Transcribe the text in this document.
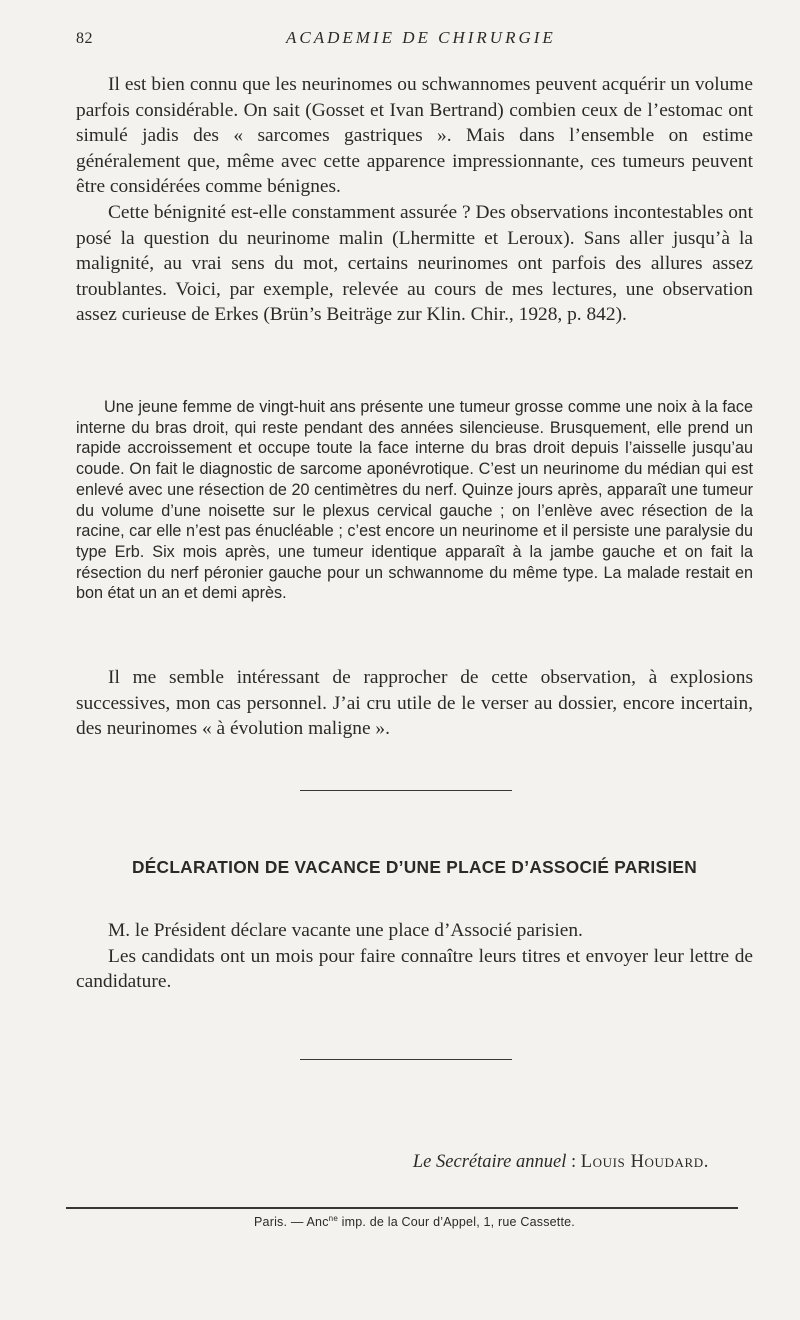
82	ACADEMIE DE CHIRURGIE

Il est bien connu que les neurinomes ou schwannomes peuvent acquérir un volume parfois considérable. On sait (Gosset et Ivan Bertrand) combien ceux de l’estomac ont simulé jadis des « sarcomes gastriques ». Mais dans l’ensemble on estime généralement que, même avec cette apparence impressionnante, ces tumeurs peuvent être considérées comme bénignes.

Cette bénignité est-elle constamment assurée ? Des observations incontestables ont posé la question du neurinome malin (Lhermitte et Leroux). Sans aller jusqu’à la malignité, au vrai sens du mot, certains neurinomes ont parfois des allures assez troublantes. Voici, par exemple, relevée au cours de mes lectures, une observation assez curieuse de Erkes (Brün’s Beiträge zur Klin. Chir., 1928, p. 842).

Une jeune femme de vingt-huit ans présente une tumeur grosse comme une noix à la face interne du bras droit, qui reste pendant des années silencieuse. Brusquement, elle prend un rapide accroissement et occupe toute la face interne du bras droit depuis l’aisselle jusqu’au coude. On fait le diagnostic de sarcome aponévrotique. C’est un neurinome du médian qui est enlevé avec une résection de 20 centimètres du nerf. Quinze jours après, apparaît une tumeur du volume d’une noisette sur le plexus cervical gauche ; on l’enlève avec résection de la racine, car elle n’est pas énucléable ; c’est encore un neurinome et il persiste une paralysie du type Erb. Six mois après, une tumeur identique apparaît à la jambe gauche et on fait la résection du nerf péronier gauche pour un schwannome du même type. La malade restait en bon état un an et demi après.

Il me semble intéressant de rapprocher de cette observation, à explosions successives, mon cas personnel. J’ai cru utile de le verser au dossier, encore incertain, des neurinomes « à évolution maligne ».

DÉCLARATION DE VACANCE D’UNE PLACE D’ASSOCIÉ PARISIEN

M. le Président déclare vacante une place d’Associé parisien.

Les candidats ont un mois pour faire connaître leurs titres et envoyer leur lettre de candidature.

Le Secrétaire annuel : Louis Houdard.
Paris. — Anc$^{ne}$ imp. de la Cour d’Appel, 1, rue Cassette.
